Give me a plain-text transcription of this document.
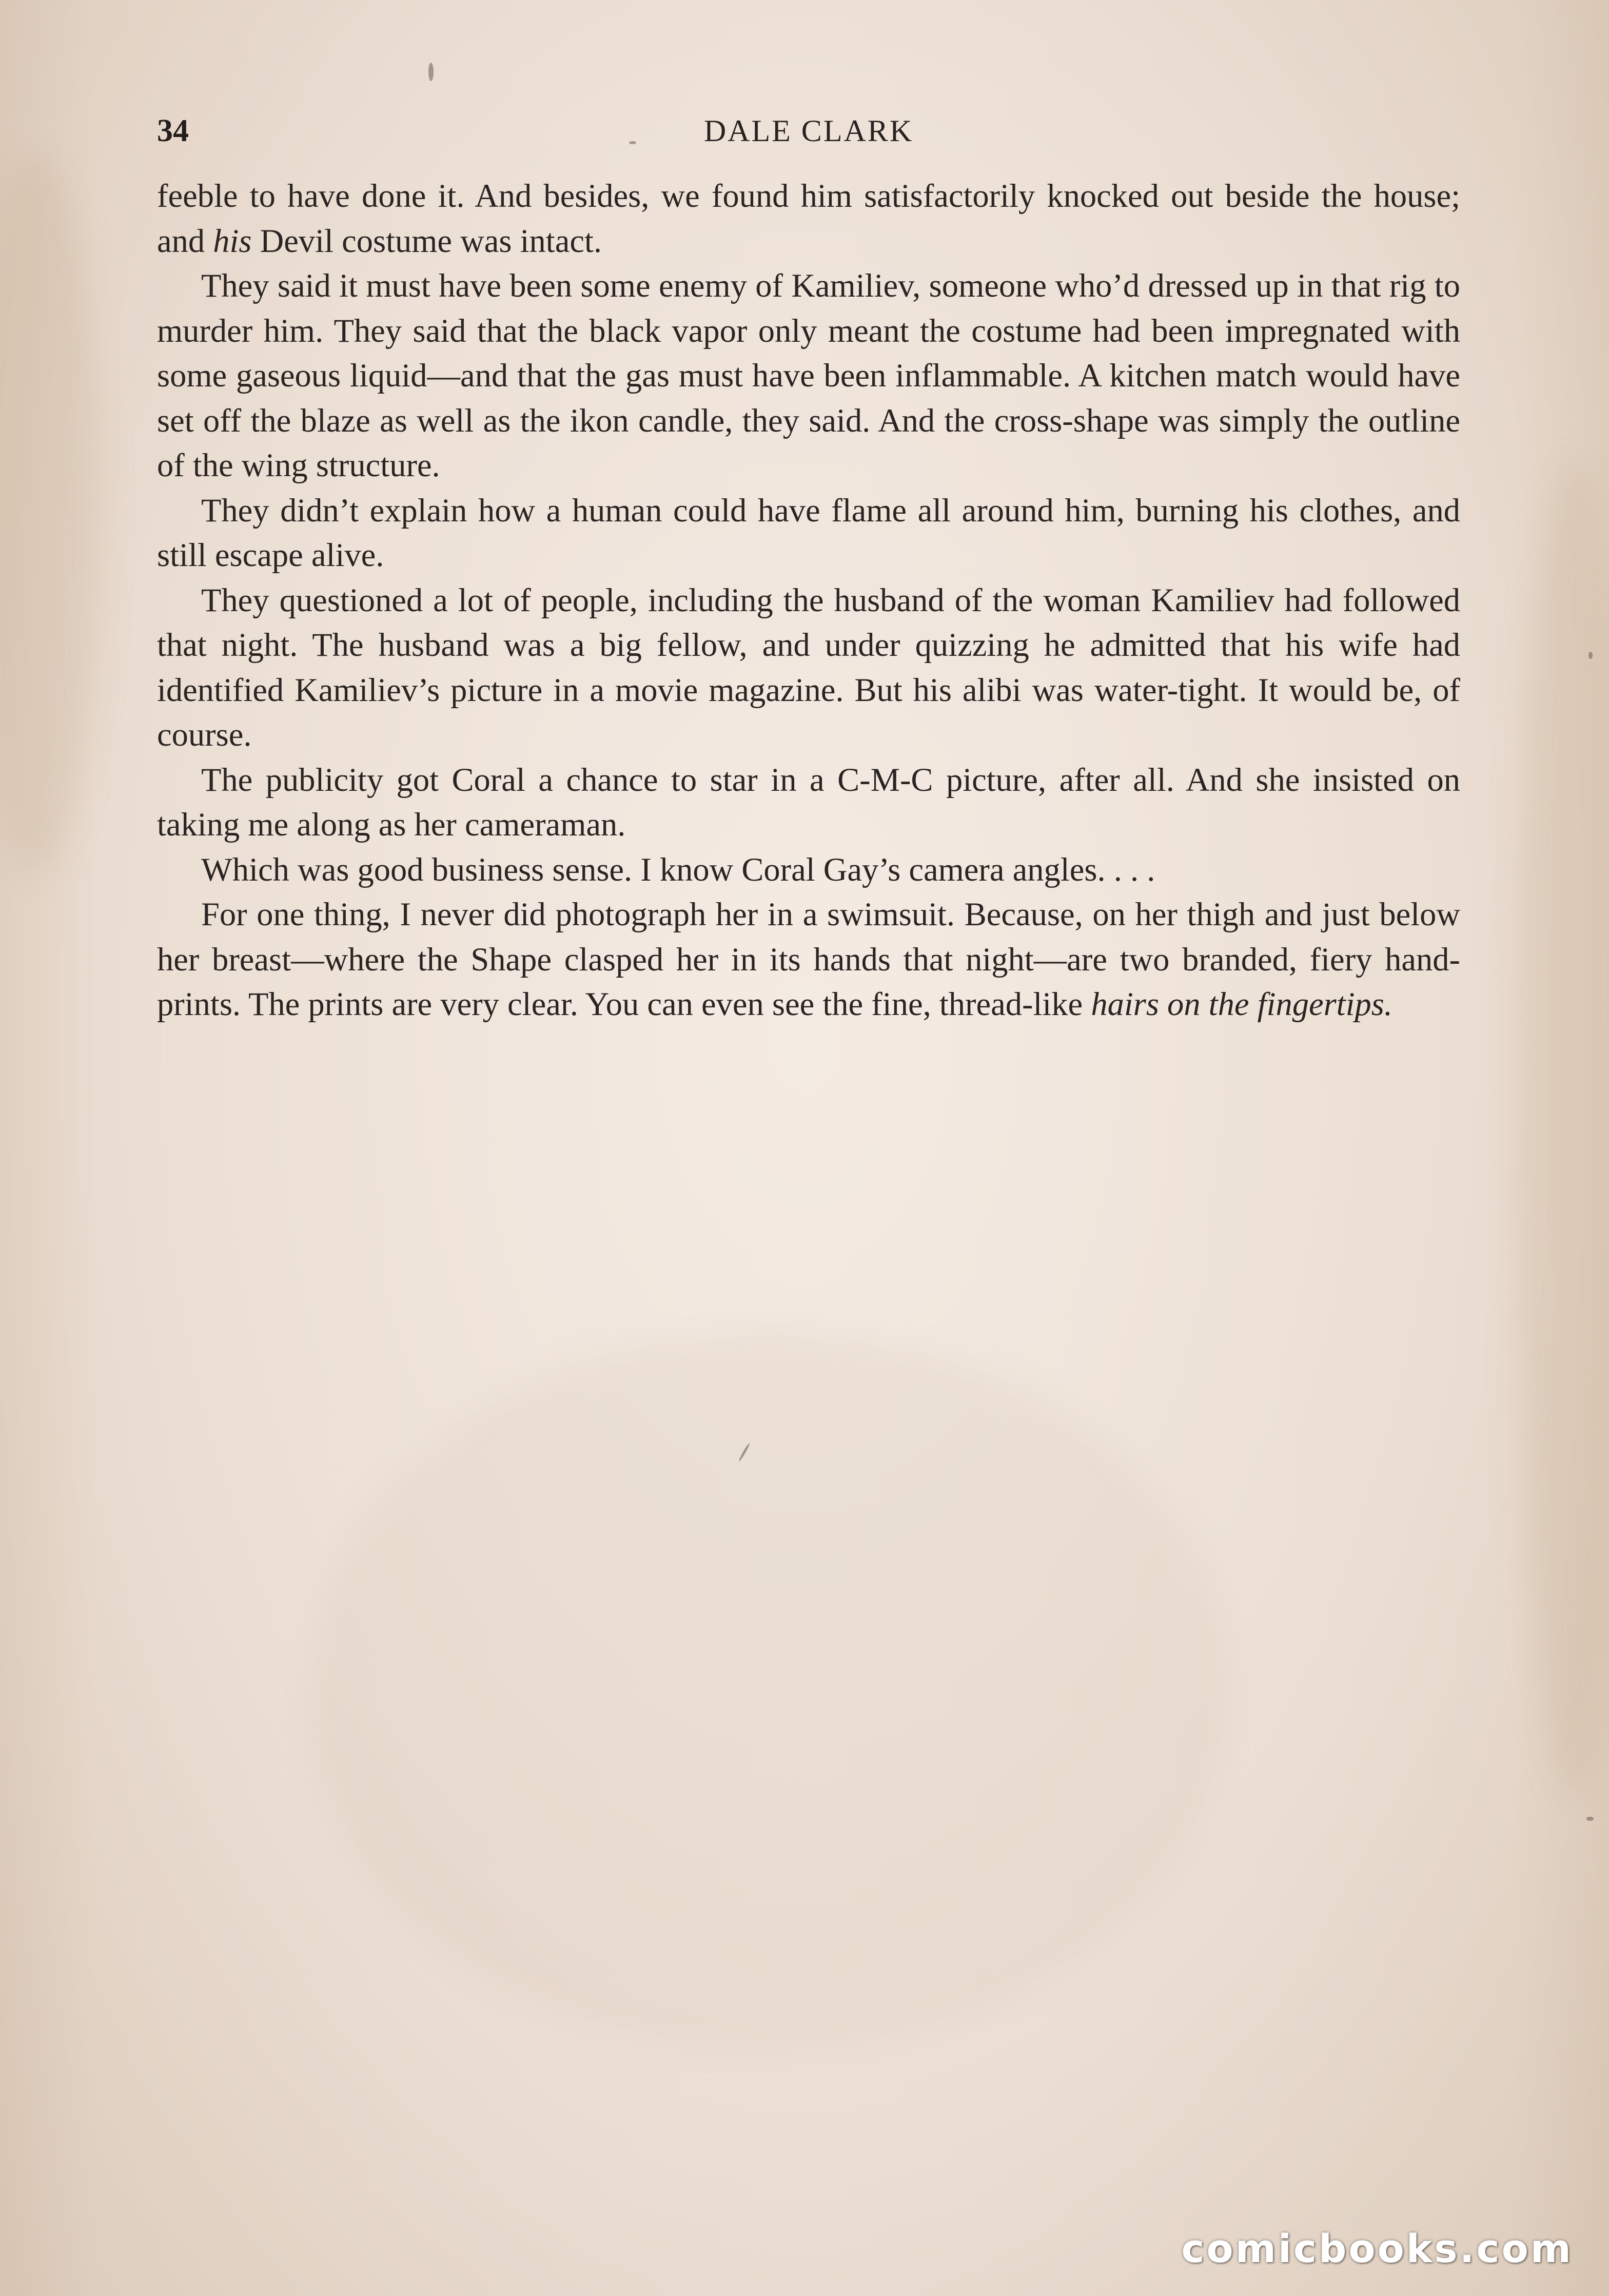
34	DALE CLARK

feeble to have done it. And besides, we found him satisfactorily knocked out beside the house; and his Devil costume was intact.

They said it must have been some enemy of Kamiliev, someone who’d dressed up in that rig to murder him. They said that the black vapor only meant the costume had been impregnated with some gaseous liquid—and that the gas must have been inflammable. A kitchen match would have set off the blaze as well as the ikon candle, they said. And the cross-shape was simply the outline of the wing structure.

They didn’t explain how a human could have flame all around him, burning his clothes, and still escape alive.

They questioned a lot of people, including the husband of the woman Kamiliev had followed that night. The husband was a big fellow, and under quizzing he admitted that his wife had identified Kamiliev’s picture in a movie magazine. But his alibi was water-tight. It would be, of course.

The publicity got Coral a chance to star in a C-M-C picture, after all. And she insisted on taking me along as her cameraman.

Which was good business sense. I know Coral Gay’s camera angles. . . .

For one thing, I never did photograph her in a swimsuit. Because, on her thigh and just below her breast—where the Shape clasped her in its hands that night—are two branded, fiery hand-prints. The prints are very clear. You can even see the fine, thread-like hairs on the fingertips.

comicbooks.com
